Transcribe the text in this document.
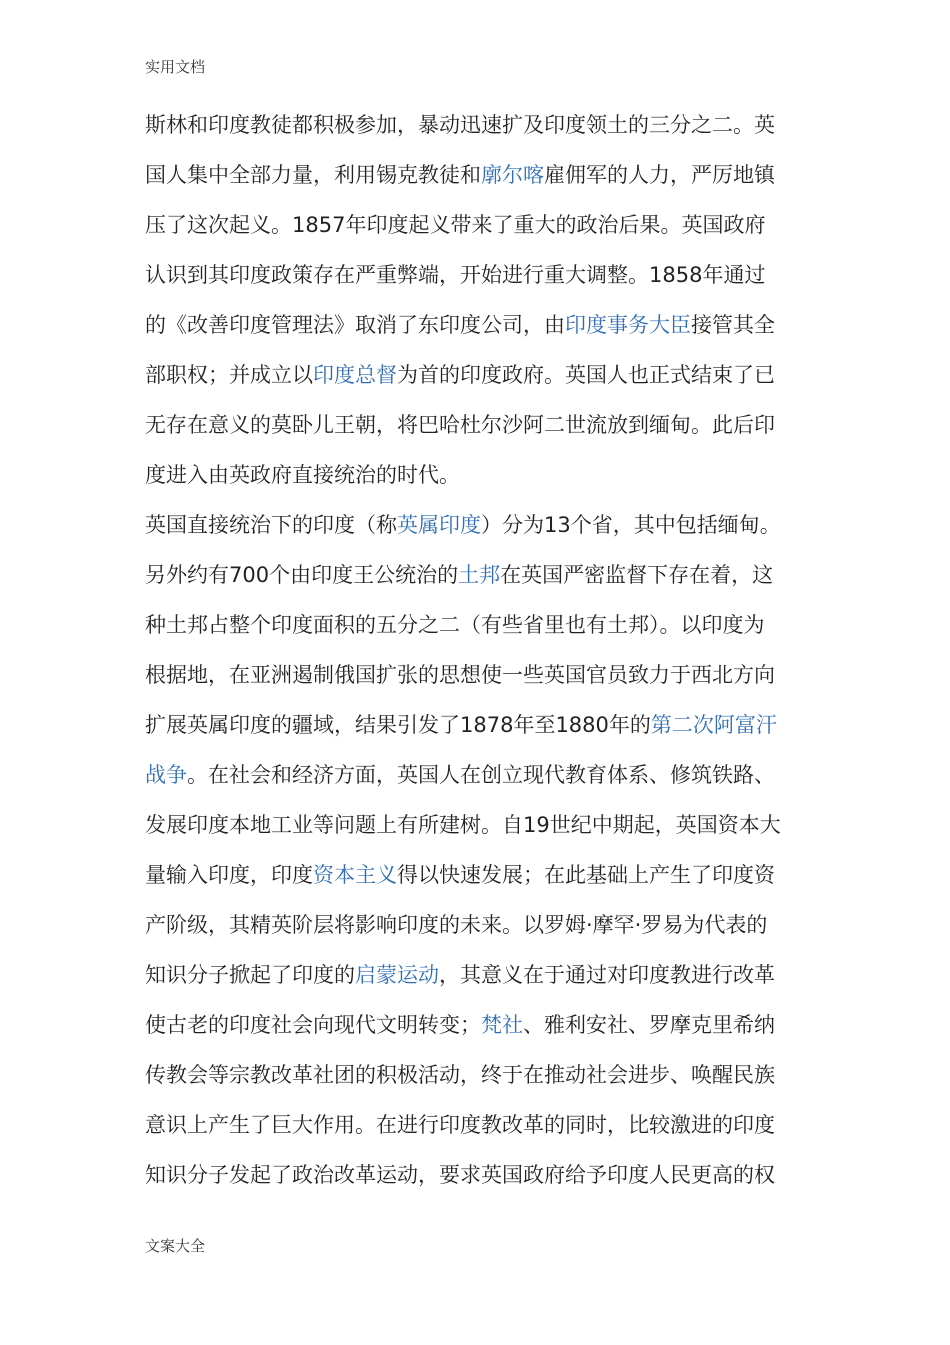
实用文档
斯林和印度教徒都积极参加，暴动迅速扩及印度领土的三分之二。英
国人集中全部力量，利用锡克教徒和廓尔喀雇佣军的人力，严厉地镇
压了这次起义。1857年印度起义带来了重大的政治后果。英国政府
认识到其印度政策存在严重弊端，开始进行重大调整。1858年通过
的《改善印度管理法》取消了东印度公司，由印度事务大臣接管其全
部职权；并成立以印度总督为首的印度政府。英国人也正式结束了已
无存在意义的莫卧儿王朝，将巴哈杜尔沙阿二世流放到缅甸。此后印
度进入由英政府直接统治的时代。
英国直接统治下的印度（称英属印度）分为13个省，其中包括缅甸。
另外约有700个由印度王公统治的土邦在英国严密监督下存在着，这
种土邦占整个印度面积的五分之二（有些省里也有土邦）。以印度为
根据地，在亚洲遏制俄国扩张的思想使一些英国官员致力于西北方向
扩展英属印度的疆域，结果引发了1878年至1880年的第二次阿富汗
战争。在社会和经济方面，英国人在创立现代教育体系、修筑铁路、
发展印度本地工业等问题上有所建树。自19世纪中期起，英国资本大
量输入印度，印度资本主义得以快速发展；在此基础上产生了印度资
产阶级，其精英阶层将影响印度的未来。以罗姆·摩罕·罗易为代表的
知识分子掀起了印度的启蒙运动，其意义在于通过对印度教进行改革
使古老的印度社会向现代文明转变；梵社、雅利安社、罗摩克里希纳
传教会等宗教改革社团的积极活动，终于在推动社会进步、唤醒民族
意识上产生了巨大作用。在进行印度教改革的同时，比较激进的印度
知识分子发起了政治改革运动，要求英国政府给予印度人民更高的权
文案大全
